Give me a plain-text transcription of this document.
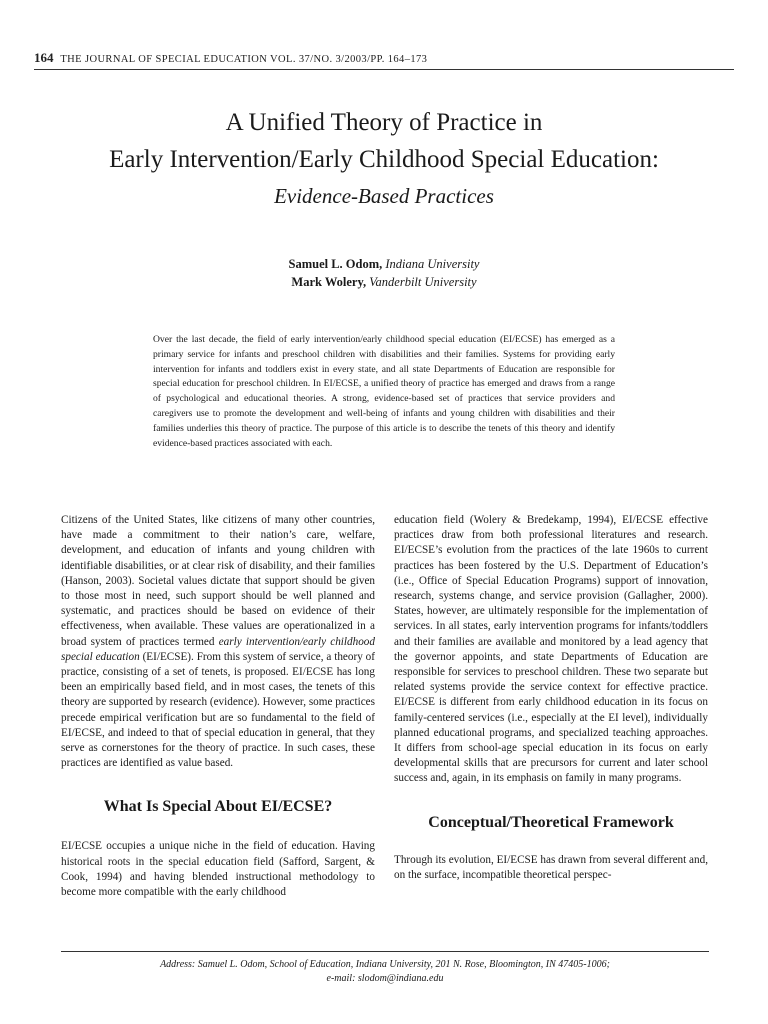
164 THE JOURNAL OF SPECIAL EDUCATION VOL. 37/NO. 3/2003/PP. 164–173
A Unified Theory of Practice in
Early Intervention/Early Childhood Special Education:
Evidence-Based Practices
Samuel L. Odom, Indiana University
Mark Wolery, Vanderbilt University
Over the last decade, the field of early intervention/early childhood special education (EI/ECSE) has emerged as a primary service for infants and preschool children with disabilities and their families. Systems for providing early intervention for infants and toddlers exist in every state, and all state Departments of Education are responsible for special education for preschool children. In EI/ECSE, a unified theory of practice has emerged and draws from a range of psychological and educational theories. A strong, evidence-based set of practices that service providers and caregivers use to promote the development and well-being of infants and young children with disabilities and their families underlies this theory of practice. The purpose of this article is to describe the tenets of this theory and identify evidence-based practices associated with each.

Citizens of the United States, like citizens of many other countries, have made a commitment to their nation’s care, welfare, development, and education of infants and young children with identifiable disabilities, or at clear risk of disability, and their families (Hanson, 2003). Societal values dictate that support should be given to those most in need, such support should be well planned and systematic, and practices should be based on evidence of their effectiveness, when available. These values are operationalized in a broad system of practices termed early intervention/early childhood special education (EI/ECSE). From this system of service, a theory of practice, consisting of a set of tenets, is proposed. EI/ECSE has long been an empirically based field, and in most cases, the tenets of this theory are supported by research (evidence). However, some practices precede empirical verification but are so fundamental to the field of EI/ECSE, and indeed to that of special education in general, that they serve as cornerstones for the theory of practice. In such cases, these practices are identified as value based.

What Is Special About EI/ECSE?

EI/ECSE occupies a unique niche in the field of education. Having historical roots in the special education field (Safford, Sargent, & Cook, 1994) and having blended instructional methodology to become more compatible with the early childhood

education field (Wolery & Bredekamp, 1994), EI/ECSE effective practices draw from both professional literatures and research. EI/ECSE’s evolution from the practices of the late 1960s to current practices has been fostered by the U.S. Department of Education’s (i.e., Office of Special Education Programs) support of innovation, research, systems change, and service provision (Gallagher, 2000). States, however, are ultimately responsible for the implementation of services. In all states, early intervention programs for infants/toddlers and their families are available and monitored by a lead agency that the governor appoints, and state Departments of Education are responsible for services to preschool children. These two separate but related systems provide the service context for effective practice. EI/ECSE is different from early childhood education in its focus on family-centered services (i.e., especially at the EI level), individually planned educational programs, and specialized teaching approaches. It differs from school-age special education in its focus on early developmental skills that are precursors for current and later school success and, again, in its emphasis on family in many programs.

Conceptual/Theoretical Framework

Through its evolution, EI/ECSE has drawn from several different and, on the surface, incompatible theoretical perspec-

Address: Samuel L. Odom, School of Education, Indiana University, 201 N. Rose, Bloomington, IN 47405-1006;
e-mail: slodom@indiana.edu
